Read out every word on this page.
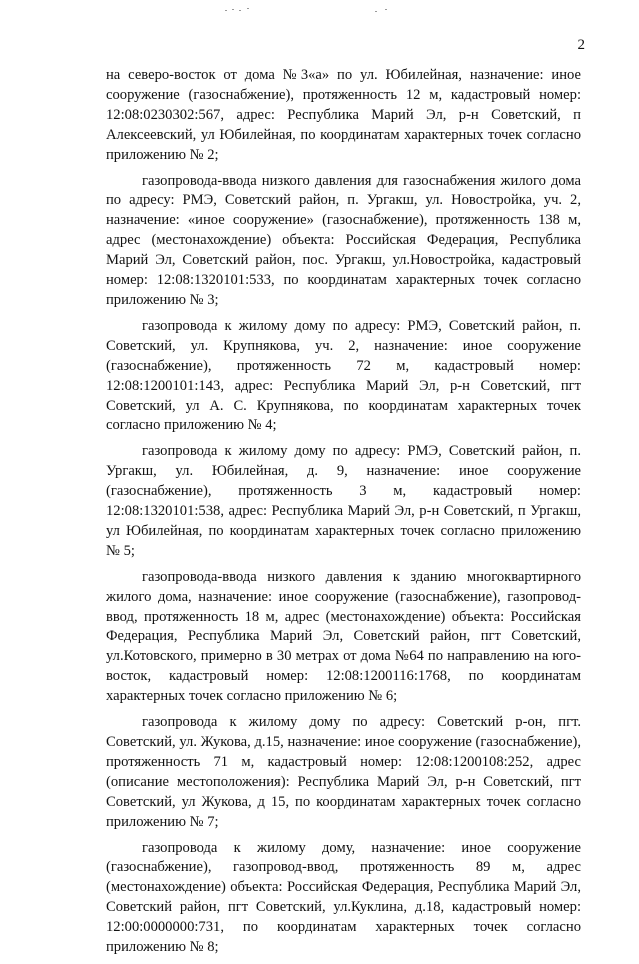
2

на северо-восток от дома №3«а» по ул. Юбилейная, назначение: иное сооружение (газоснабжение), протяженность 12 м, кадастровый номер: 12:08:0230302:567, адрес: Республика Марий Эл, р-н Советский, п Алексеевский, ул Юбилейная, по координатам характерных точек согласно приложению № 2;

газопровода-ввода низкого давления для газоснабжения жилого дома по адресу: РМЭ, Советский район, п. Ургакш, ул. Новостройка, уч. 2, назначение: «иное сооружение» (газоснабжение), протяженность 138 м, адрес (местонахождение) объекта: Российская Федерация, Республика Марий Эл, Советский район, пос. Ургакш, ул.Новостройка, кадастровый номер: 12:08:1320101:533, по координатам характерных точек согласно приложению № 3;

газопровода к жилому дому по адресу: РМЭ, Советский район, п. Советский, ул. Крупнякова, уч. 2, назначение: иное сооружение (газоснабжение), протяженность 72 м, кадастровый номер: 12:08:1200101:143, адрес: Республика Марий Эл, р-н Советский, пгт Советский, ул А. С. Крупнякова, по координатам характерных точек согласно приложению № 4;

газопровода к жилому дому по адресу: РМЭ, Советский район, п. Ургакш, ул. Юбилейная, д. 9, назначение: иное сооружение (газоснабжение), протяженность 3 м, кадастровый номер: 12:08:1320101:538, адрес: Республика Марий Эл, р-н Советский, п Ургакш, ул Юбилейная, по координатам характерных точек согласно приложению № 5;

газопровода-ввода низкого давления к зданию многоквартирного жилого дома, назначение: иное сооружение (газоснабжение), газопровод-ввод, протяженность 18 м, адрес (местонахождение) объекта: Российская Федерация, Республика Марий Эл, Советский район, пгт Советский, ул.Котовского, примерно в 30 метрах от дома №64 по направлению на юго-восток, кадастровый номер: 12:08:1200116:1768, по координатам характерных точек согласно приложению № 6;

газопровода к жилому дому по адресу: Советский р-он, пгт. Советский, ул. Жукова, д.15, назначение: иное сооружение (газоснабжение), протяженность 71 м, кадастровый номер: 12:08:1200108:252, адрес (описание местоположения): Республика Марий Эл, р-н Советский, пгт Советский, ул Жукова, д 15, по координатам характерных точек согласно приложению № 7;

газопровода к жилому дому, назначение: иное сооружение (газоснабжение), газопровод-ввод, протяженность 89 м, адрес (местонахождение) объекта: Российская Федерация, Республика Марий Эл, Советский район, пгт Советский, ул.Куклина, д.18, кадастровый номер: 12:00:0000000:731, по координатам характерных точек согласно приложению № 8;
